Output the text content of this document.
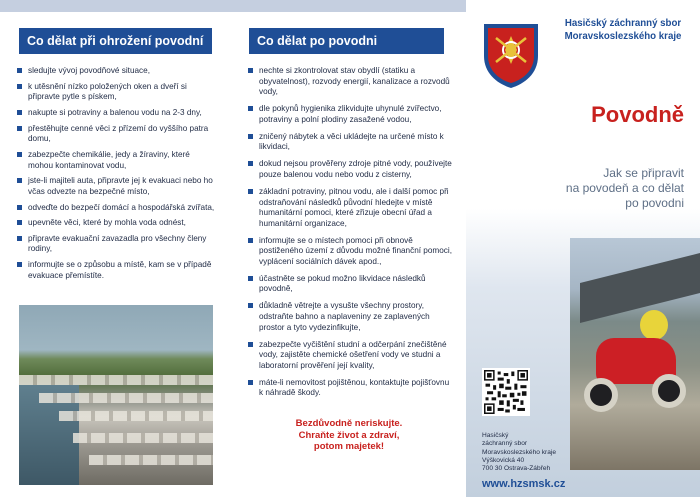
Co dělat při ohrožení povodní
sledujte vývoj povodňové situace,
k utěsnění nízko položených oken a dveří si připravte pytle s pískem,
nakupte si potraviny a balenou vodu na 2-3 dny,
přestěhujte cenné věci z přízemí do vyššího patra domu,
zabezpečte chemikálie, jedy a žíraviny, které mohou kontaminovat vodu,
jste-li majiteli auta, připravte jej k evakuaci nebo ho včas odvezte na bezpečné místo,
odveďte do bezpečí domácí a hospodářská zvířata,
upevněte věci, které by mohla voda odnést,
připravte evakuační zavazadla pro všechny členy rodiny,
informujte se o způsobu a místě, kam se v případě evakuace přemístíte.
Co dělat po povodni
nechte si zkontrolovat stav obydlí (statiku a obyvatelnost), rozvody energií, kanalizace a rozvodů vody,
dle pokynů hygienika zlikvidujte uhynulé zvířectvo, potraviny a polní plodiny zasažené vodou,
zničený nábytek a věci ukládejte na určené místo k likvidaci,
dokud nejsou prověřeny zdroje pitné vody, používejte pouze balenou vodu nebo vodu z cisterny,
základní potraviny, pitnou vodu, ale i další pomoc při odstraňování následků původní hledejte v místě humanitární pomoci, které zřizuje obecní úřad a humanitární organizace,
informujte se o místech pomoci při obnově postiženého území z důvodu možné finanční pomoci, vyplácení sociálních dávek apod.,
účastněte se pokud možno likvidace následků povodně,
důkladně větrejte a vysušte všechny prostory, odstraňte bahno a naplaveniny ze zaplavených prostor a tyto vydezinfikujte,
zabezpečte vyčištění studní a odčerpání znečištěné vody, zajistěte chemické ošetření vody ve studni a laboratorní prověření její kvality,
máte-li nemovitost pojištěnou, kontaktujte pojišťovnu k náhradě škody.
Bezdůvodně neriskujte.
Chraňte život a zdraví,
potom majetek!
Hasičský záchranný sbor
Moravskoslezského kraje
Povodně
Jak se připravit
na povodeň a co dělat
po povodni
Hasičský
záchranný sbor
Moravskoslezského kraje
Výškovická 40
700 30 Ostrava-Zábřeh
www.hzsmsk.cz
